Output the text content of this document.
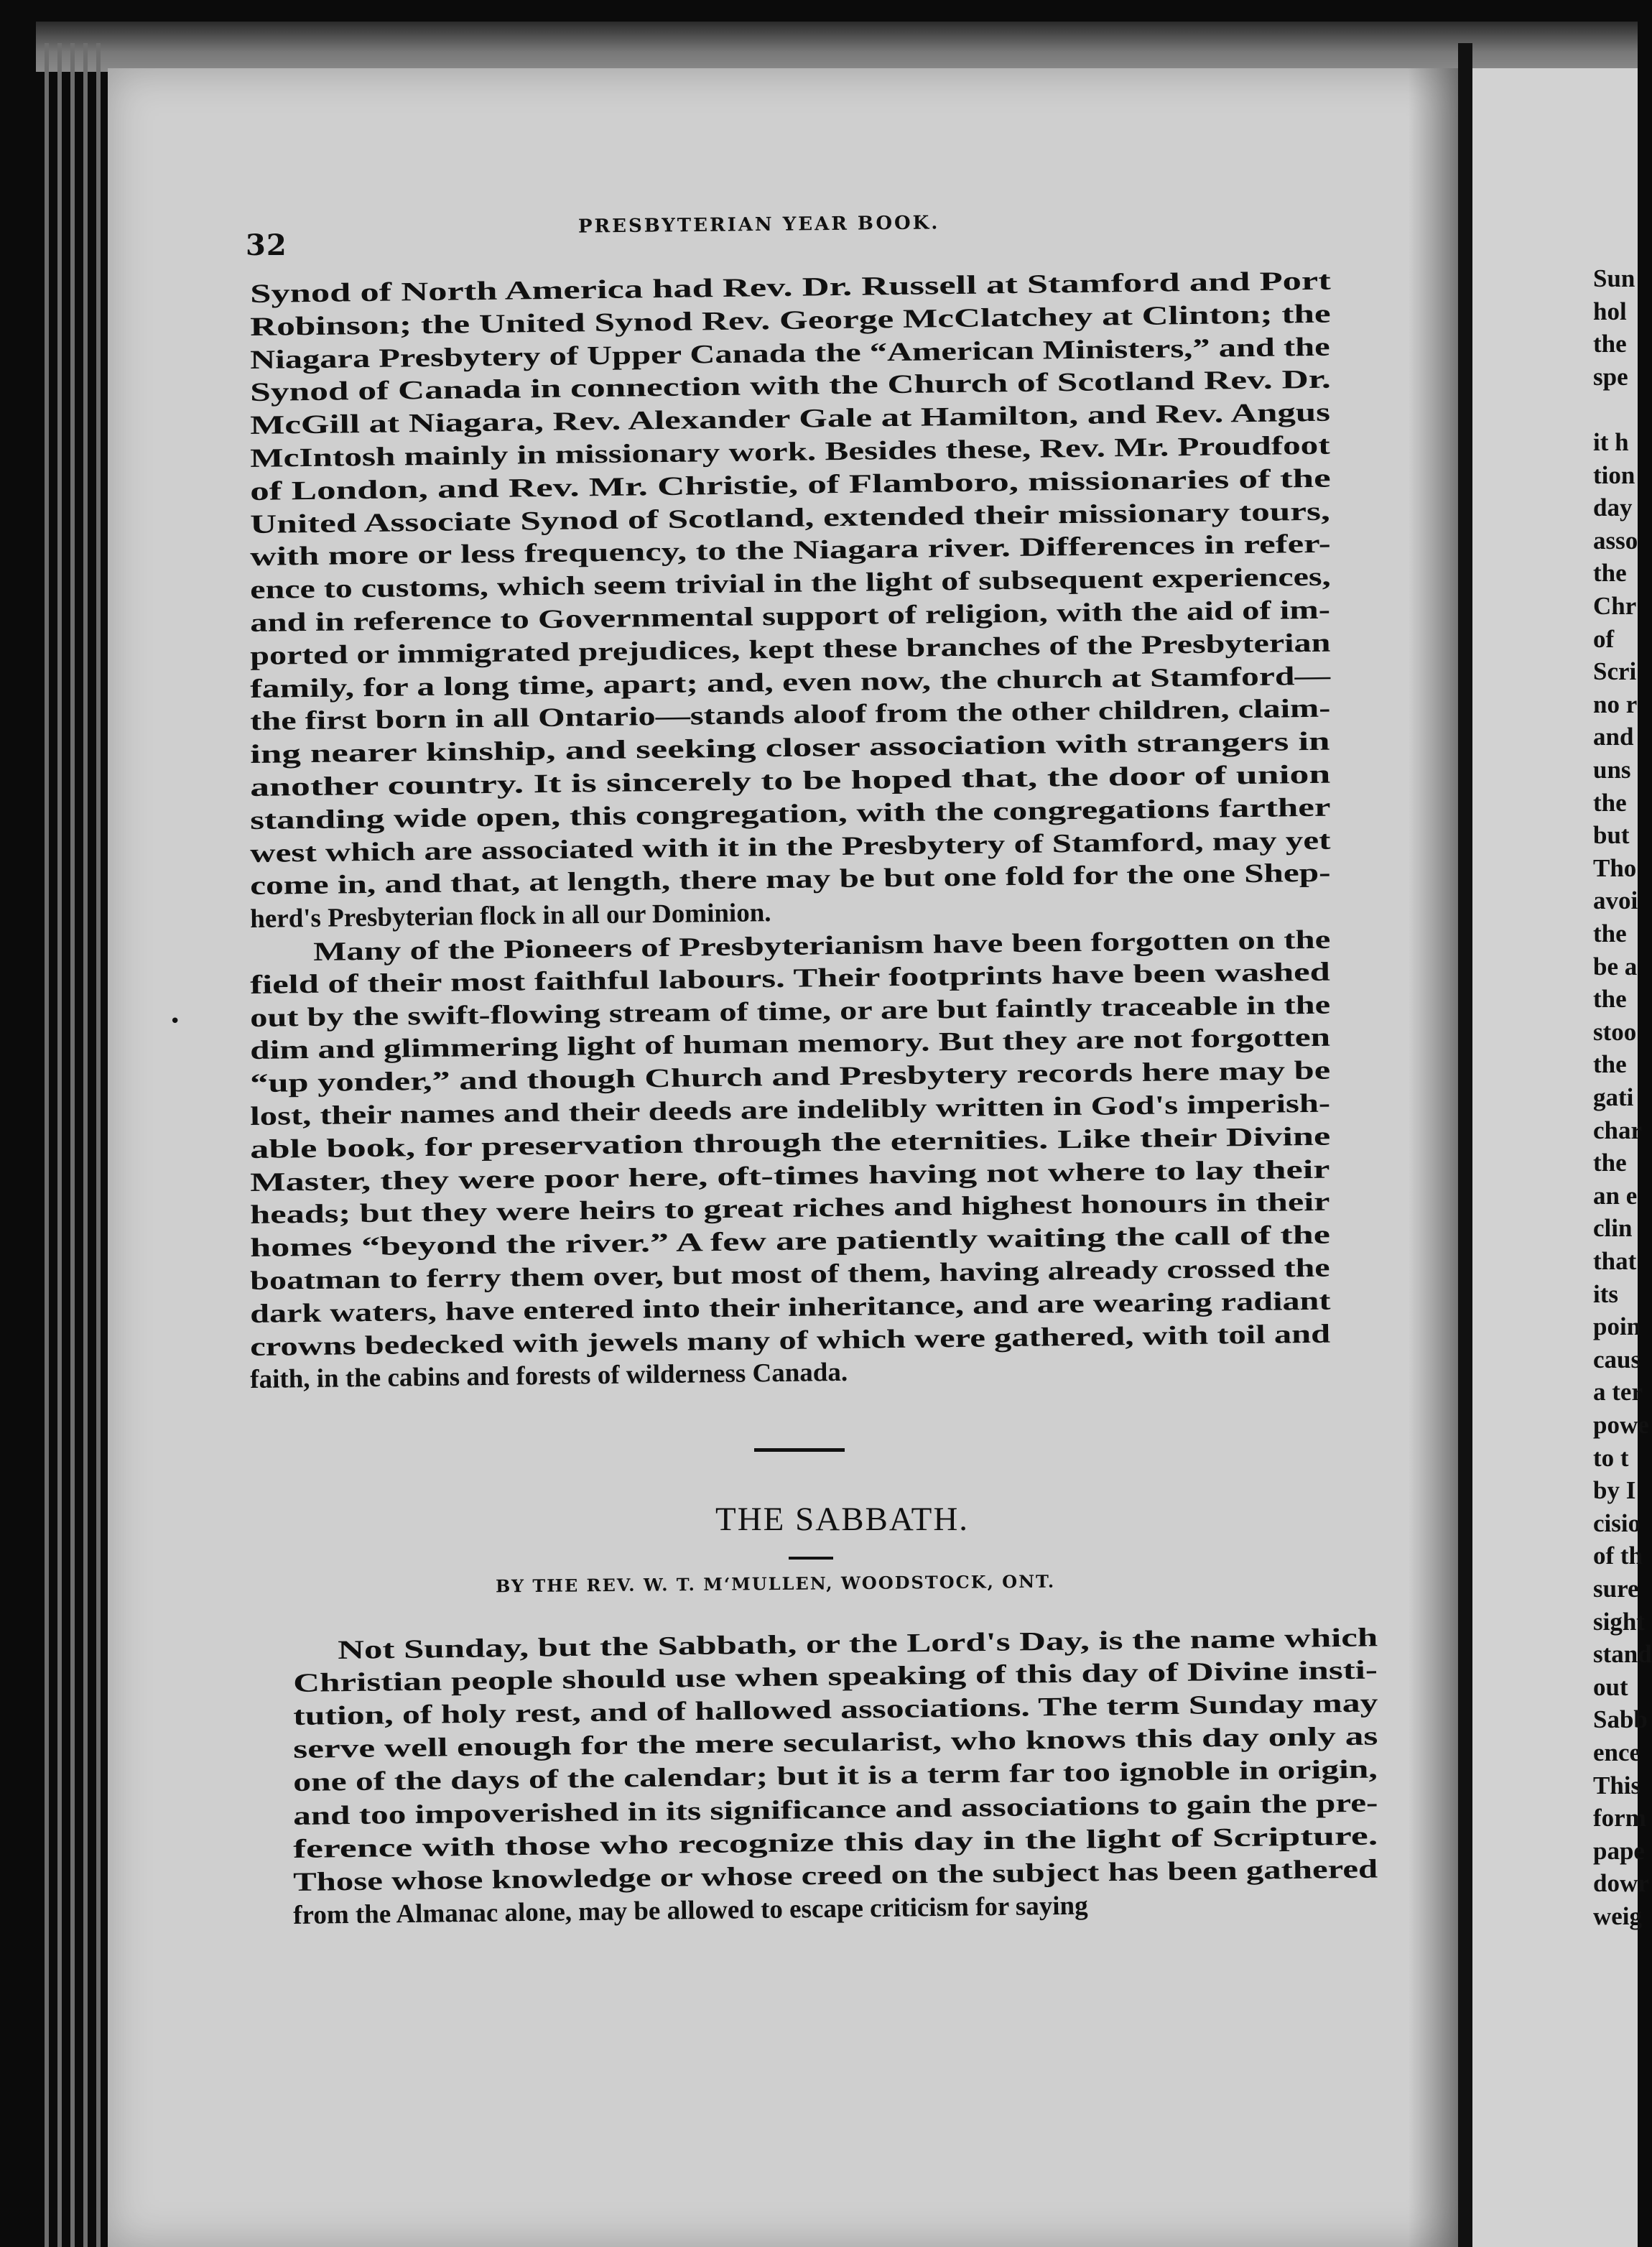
32
PRESBYTERIAN YEAR BOOK.
Synod of North America had Rev. Dr. Russell at Stamford and Port
Robinson; the United Synod Rev. George McClatchey at Clinton; the
Niagara Presbytery of Upper Canada the “American Ministers,” and the
Synod of Canada in connection with the Church of Scotland Rev. Dr.
McGill at Niagara, Rev. Alexander Gale at Hamilton, and Rev. Angus
McIntosh mainly in missionary work. Besides these, Rev. Mr. Proudfoot
of London, and Rev. Mr. Christie, of Flamboro, missionaries of the
United Associate Synod of Scotland, extended their missionary tours,
with more or less frequency, to the Niagara river. Differences in refer-
ence to customs, which seem trivial in the light of subsequent experiences,
and in reference to Governmental support of religion, with the aid of im-
ported or immigrated prejudices, kept these branches of the Presbyterian
family, for a long time, apart; and, even now, the church at Stamford—
the first born in all Ontario—stands aloof from the other children, claim-
ing nearer kinship, and seeking closer association with strangers in
another country. It is sincerely to be hoped that, the door of union
standing wide open, this congregation, with the congregations farther
west which are associated with it in the Presbytery of Stamford, may yet
come in, and that, at length, there may be but one fold for the one Shep-
herd's Presbyterian flock in all our Dominion.
Many of the Pioneers of Presbyterianism have been forgotten on the
field of their most faithful labours. Their footprints have been washed
out by the swift-flowing stream of time, or are but faintly traceable in the
dim and glimmering light of human memory. But they are not forgotten
“up yonder,” and though Church and Presbytery records here may be
lost, their names and their deeds are indelibly written in God's imperish-
able book, for preservation through the eternities. Like their Divine
Master, they were poor here, oft-times having not where to lay their
heads; but they were heirs to great riches and highest honours in their
homes “beyond the river.” A few are patiently waiting the call of the
boatman to ferry them over, but most of them, having already crossed the
dark waters, have entered into their inheritance, and are wearing radiant
crowns bedecked with jewels many of which were gathered, with toil and
faith, in the cabins and forests of wilderness Canada.
THE SABBATH.
BY THE REV. W. T. M‘MULLEN, WOODSTOCK, ONT.
Not Sunday, but the Sabbath, or the Lord's Day, is the name which
Christian people should use when speaking of this day of Divine insti-
tution, of holy rest, and of hallowed associations. The term Sunday may
serve well enough for the mere secularist, who knows this day only as
one of the days of the calendar; but it is a term far too ignoble in origin,
and too impoverished in its significance and associations to gain the pre-
ference with those who recognize this day in the light of Scripture.
Those whose knowledge or whose creed on the subject has been gathered
from the Almanac alone, may be allowed to escape criticism for saying
Sun
hol
the
spe
it h
tion
day
asso
the
Chr
of
Scri
no r
and
uns
the
but
Tho
avoi
the
be a
the
stoo
the
gati
char
the
an e
clin
that
its
poin
caus
a ter
powe
to t
by I
cisio
of th
sure
sight
stand
out
Sabb
ence
This
form
pape
dowr
weig
•
